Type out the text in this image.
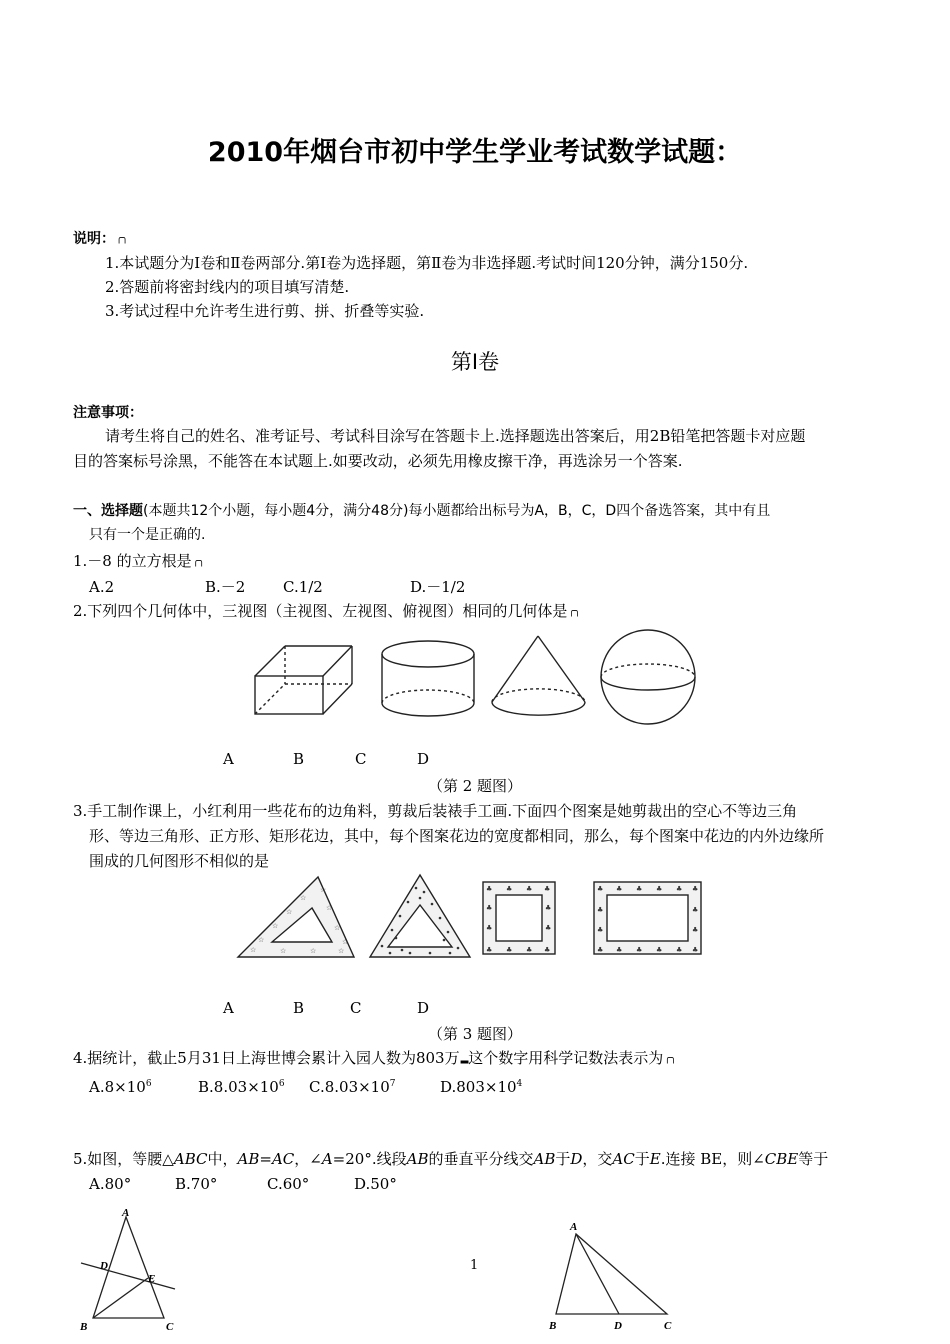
2010年烟台市初中学生学业考试数学试题：
说明：╭╮
1.本试题分为Ⅰ卷和Ⅱ卷两部分.第Ⅰ卷为选择题，第Ⅱ卷为非选择题.考试时间120分钟，满分150分.
2.答题前将密封线内的项目填写清楚.
3.考试过程中允许考生进行剪、拼、折叠等实验.
第Ⅰ卷
注意事项：
请考生将自己的姓名、准考证号、考试科目涂写在答题卡上.选择题选出答案后，用2B铅笔把答题卡对应题
目的答案标号涂黑，不能答在本试题上.如要改动，必须先用橡皮擦干净，再选涂另一个答案.
一、选择题(本题共12个小题，每小题4分，满分48分)每小题都给出标号为A，B，C，D四个备选答案，其中有且
只有一个是正确的.
1.－8 的立方根是╭╮
A.2	B.－2	C.1/2	D.－1/2
2.下列四个几何体中，三视图（主视图、左视图、俯视图）相同的几何体是╭╮
A	B	C	D
（第 2 题图）
3.手工制作课上，小红利用一些花布的边角料，剪裁后装裱手工画.下面四个图案是她剪裁出的空心不等边三角
形、等边三角形、正方形、矩形花边，其中，每个图案花边的宽度都相同，那么，每个图案中花边的内外边缘所
围成的几何图形不相似的是
☆
☆
☆
☆
☆	☆	☆	☆
☆
☆
☆
☆
♣ ♣ ♣ ♣
♣ ♣ ♣ ♣
♣
♣
♣
♣
♣ ♣ ♣ ♣ ♣ ♣
♣ ♣ ♣ ♣ ♣ ♣
♣
♣
♣
♣
A	B	C	D
（第 3 题图）
4.据统计，截止5月31日上海世博会累计入园人数为803万▂这个数字用科学记数法表示为╭╮
$A.8\times 10^6$	$B.8.03\times 10^6$ $C.8.03\times 10^7$	$D.803\times 10^4$
5.如图，等腰△ABC中，AB=AC，∠A=20°.线段AB的垂直平分线交AB于D，交AC于E.连接 BE，则∠CBE等于
A.80°	B.70°	C.60°	D.50°
A
D
E
B	C
1
A
B	D	C
